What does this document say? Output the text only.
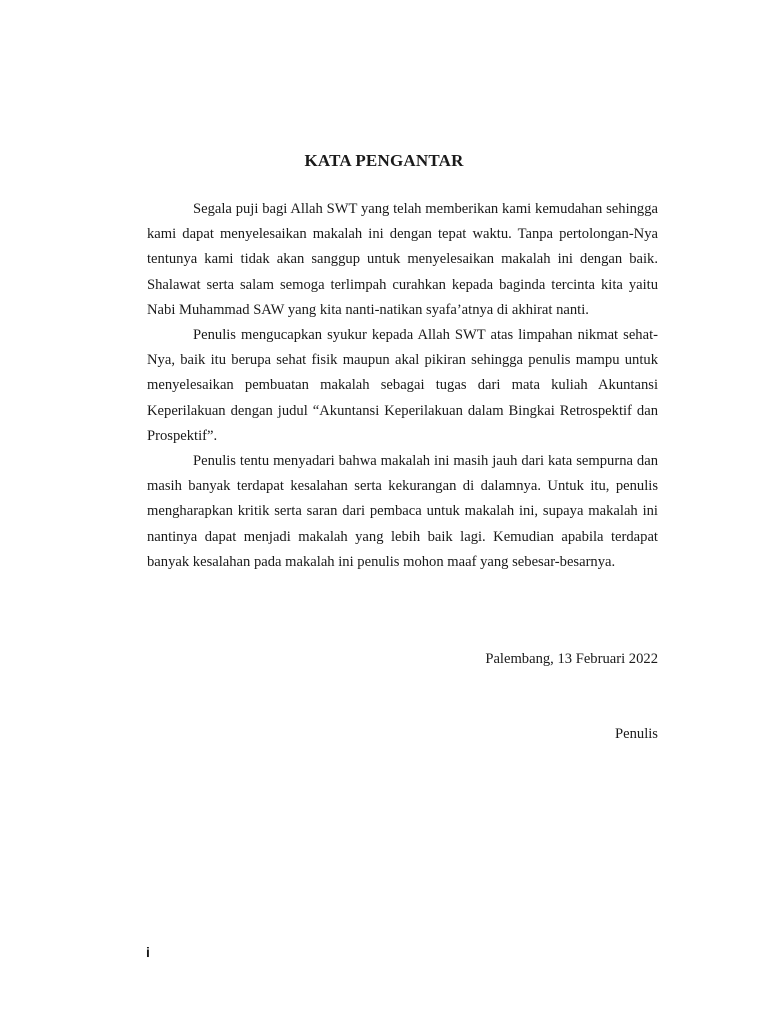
KATA PENGANTAR

Segala puji bagi Allah SWT yang telah memberikan kami kemudahan sehingga kami dapat menyelesaikan makalah ini dengan tepat waktu. Tanpa pertolongan-Nya tentunya kami tidak akan sanggup untuk menyelesaikan makalah ini dengan baik. Shalawat serta salam semoga terlimpah curahkan kepada baginda tercinta kita yaitu Nabi Muhammad SAW yang kita nanti-natikan syafa’atnya di akhirat nanti.

Penulis mengucapkan syukur kepada Allah SWT atas limpahan nikmat sehat-Nya, baik itu berupa sehat fisik maupun akal pikiran sehingga penulis mampu untuk menyelesaikan pembuatan makalah sebagai tugas dari mata kuliah Akuntansi Keperilakuan dengan judul “Akuntansi Keperilakuan dalam Bingkai Retrospektif dan Prospektif”.

Penulis tentu menyadari bahwa makalah ini masih jauh dari kata sempurna dan masih banyak terdapat kesalahan serta kekurangan di dalamnya. Untuk itu, penulis mengharapkan kritik serta saran dari pembaca untuk makalah ini, supaya makalah ini nantinya dapat menjadi makalah yang lebih baik lagi. Kemudian apabila terdapat banyak kesalahan pada makalah ini penulis mohon maaf yang sebesar-besarnya.

Palembang, 13 Februari 2022
Penulis
i
